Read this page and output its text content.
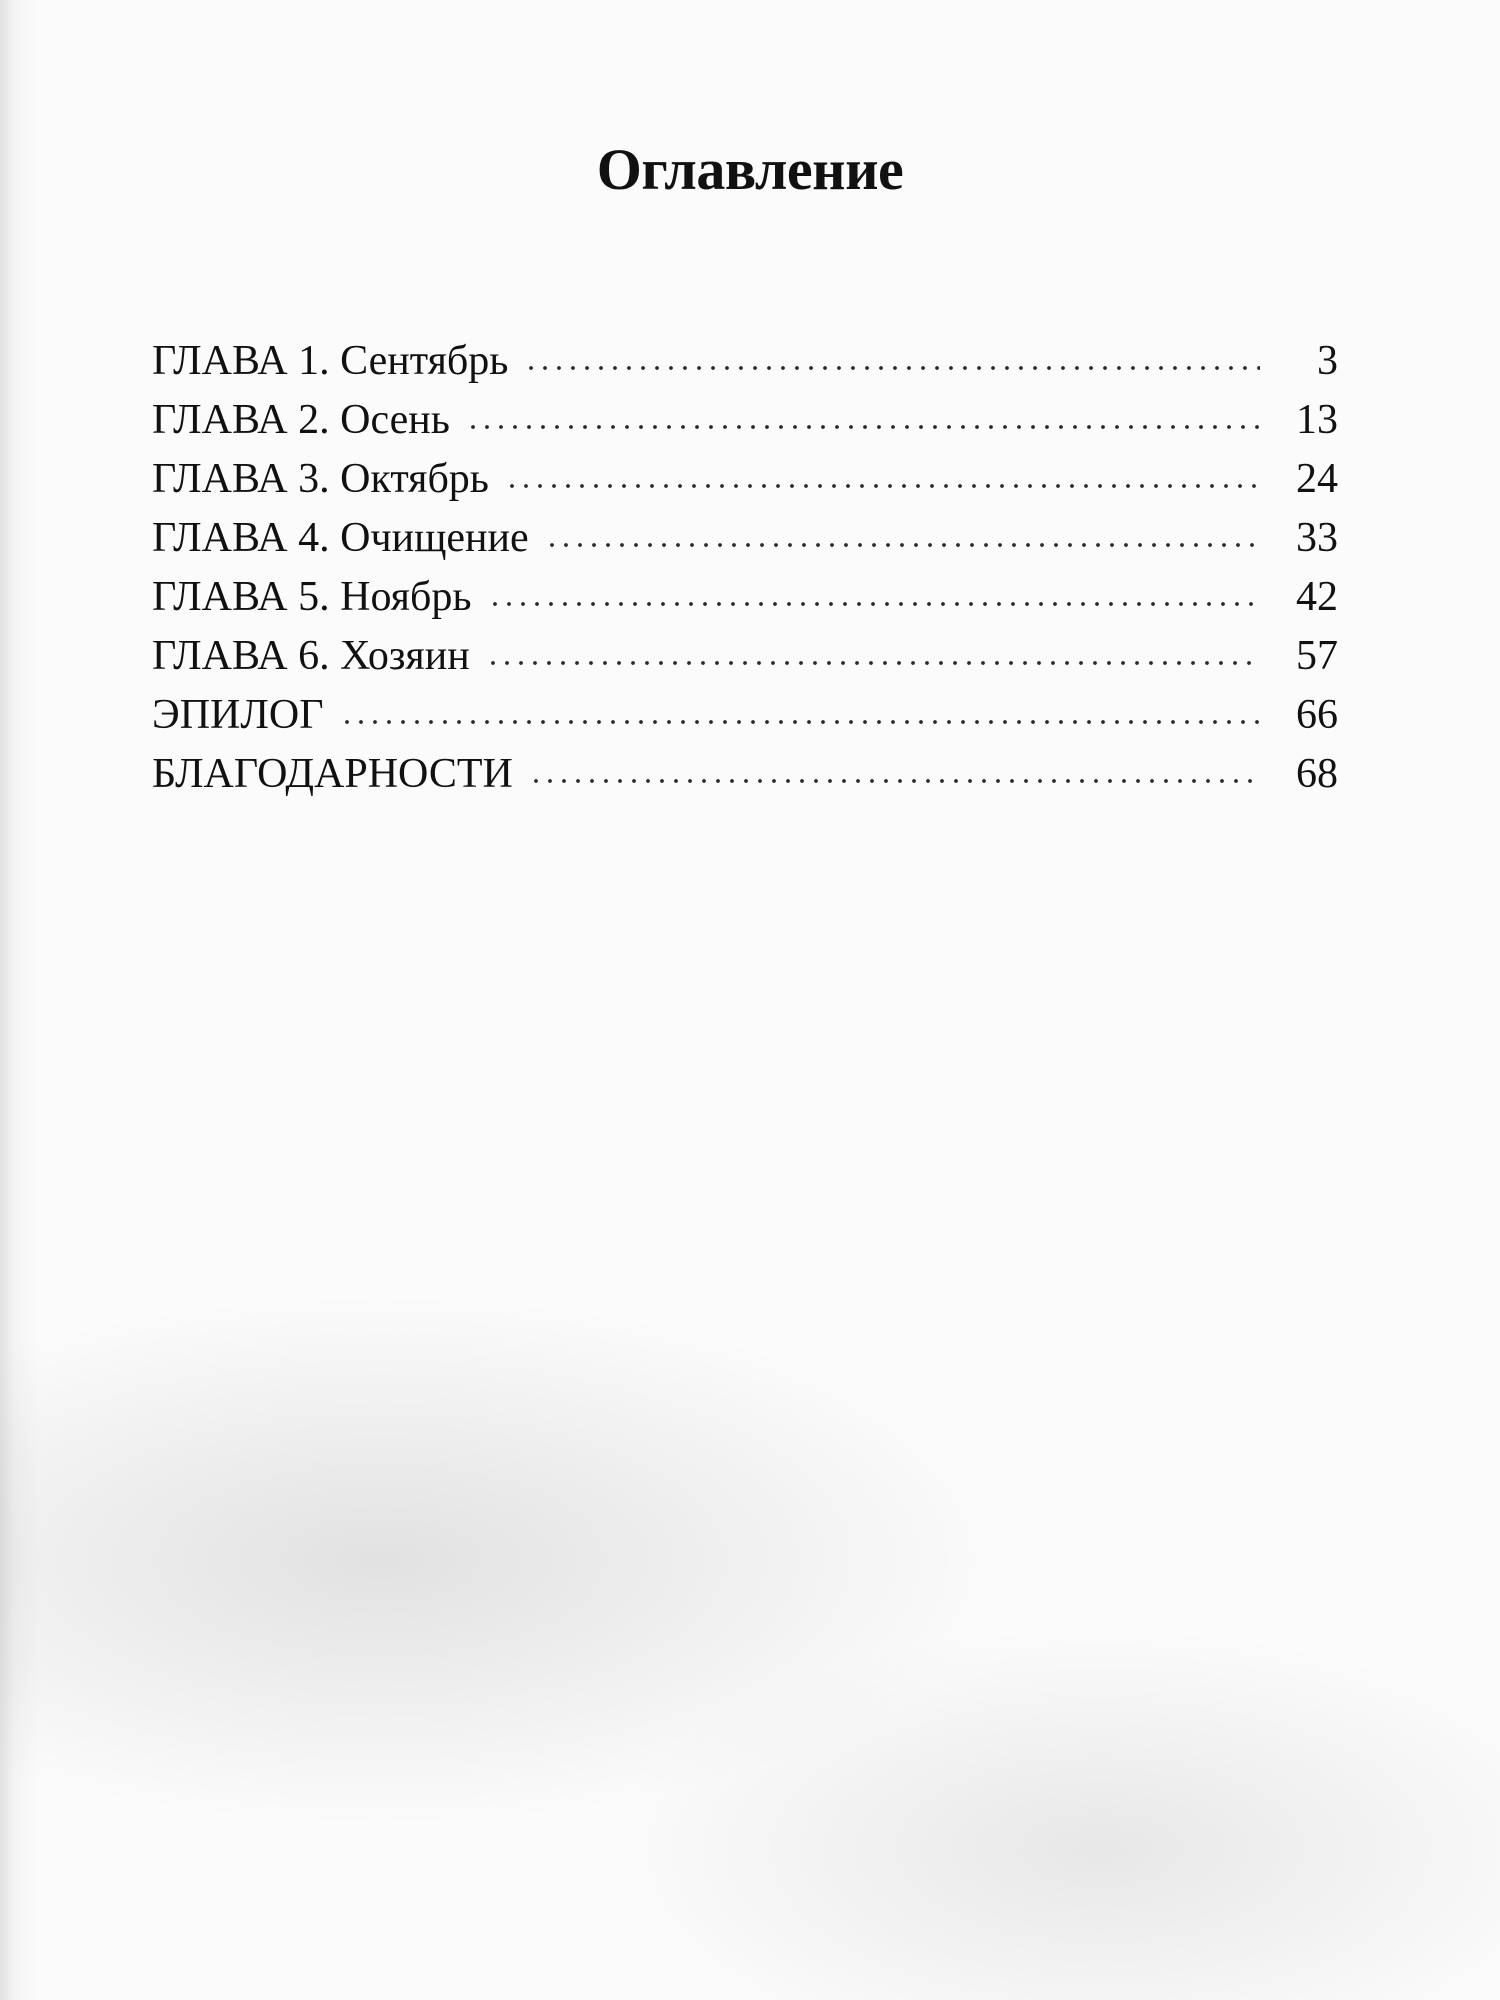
Оглавление
ГЛАВА 1. Сентябрь	3
ГЛАВА 2. Осень	13
ГЛАВА 3. Октябрь	24
ГЛАВА 4. Очищение	33
ГЛАВА 5. Ноябрь	42
ГЛАВА 6. Хозяин	57
ЭПИЛОГ	66
БЛАГОДАРНОСТИ	68
